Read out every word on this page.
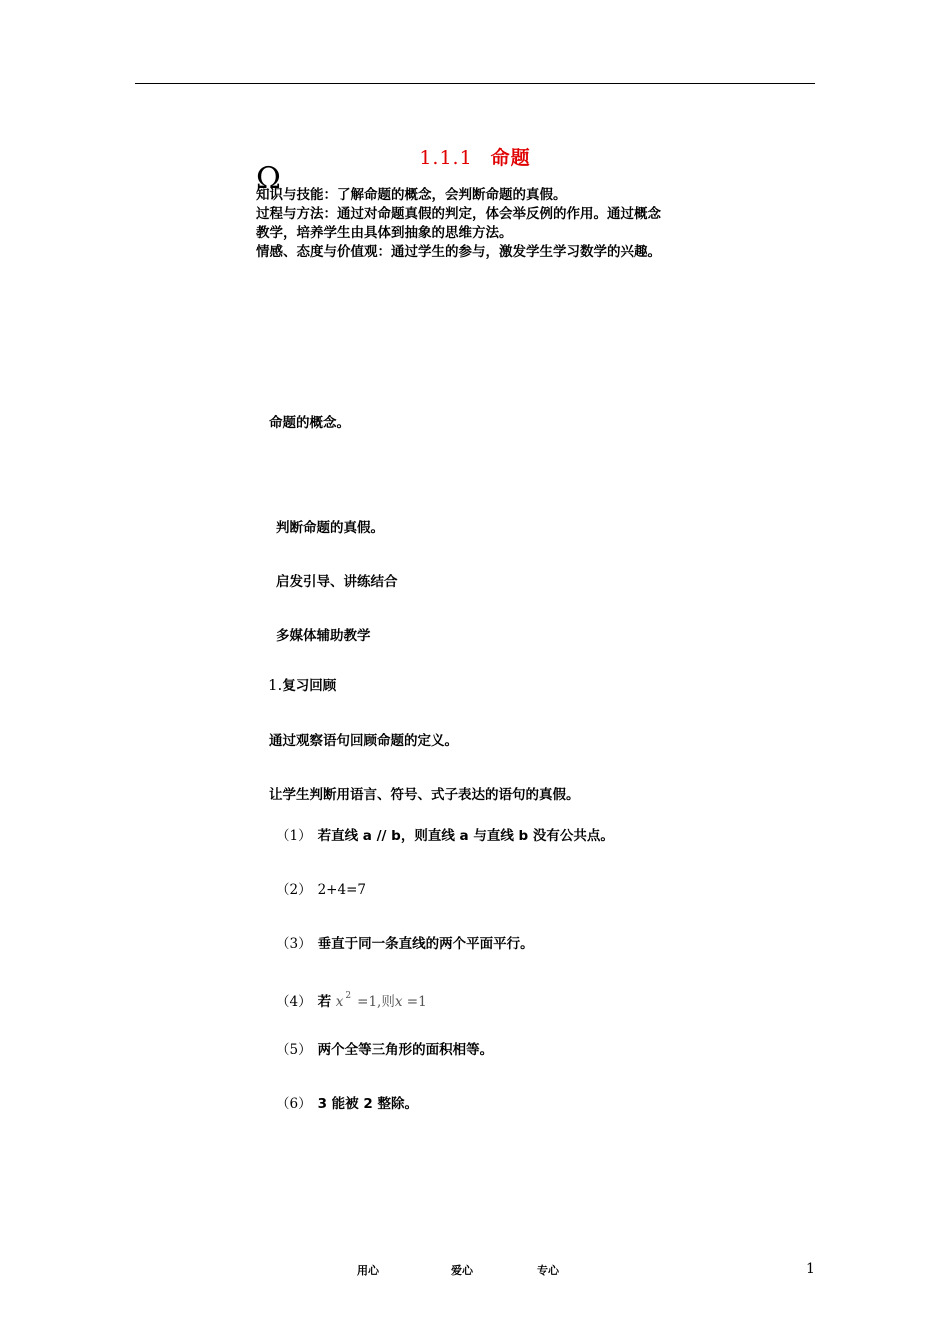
1.1.1 命题
Ω
知识与技能：了解命题的概念，会判断命题的真假。
过程与方法：通过对命题真假的判定，体会举反例的作用。通过概念
教学，培养学生由具体到抽象的思维方法。
情感、态度与价值观：通过学生的参与，激发学生学习数学的兴趣。
命题的概念。
判断命题的真假。
启发引导、讲练结合
多媒体辅助教学
1.复习回顾
通过观察语句回顾命题的定义。
让学生判断用语言、符号、式子表达的语句的真假。
（1） 若直线 a // b，则直线 a 与直线 b 没有公共点。
（2） 2+4=7
（3） 垂直于同一条直线的两个平面平行。
（4） 若 x $^2$ =1,则x =1
（5） 两个全等三角形的面积相等。
（6） 3 能被 2 整除。
用心	爱心	专心	1
